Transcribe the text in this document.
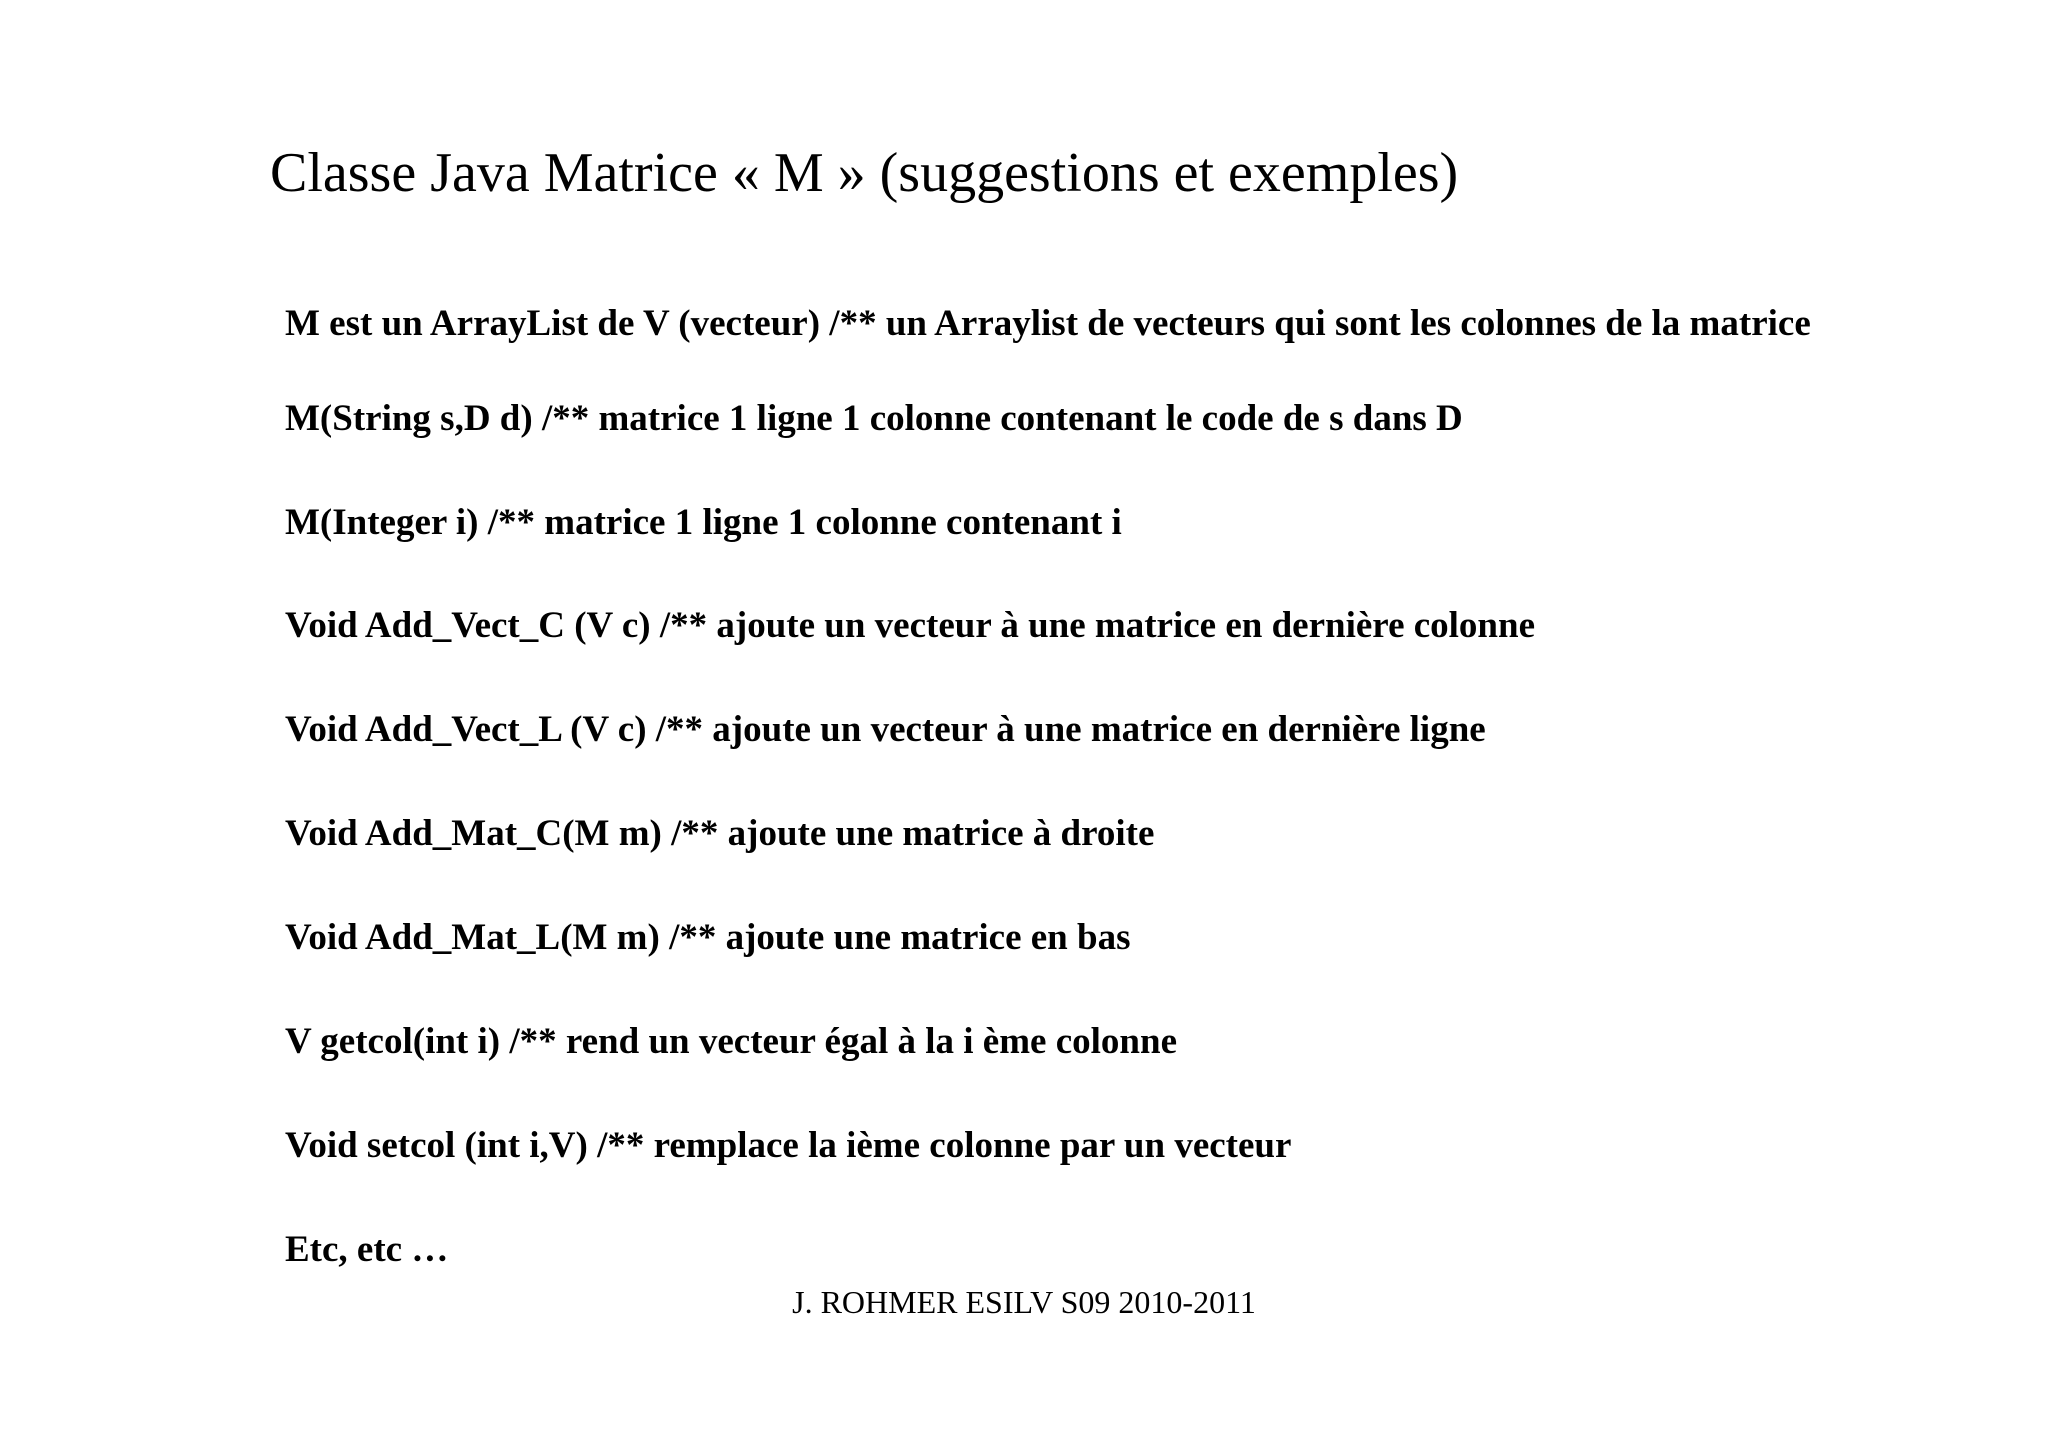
Classe Java Matrice « M » (suggestions et exemples)
M est un ArrayList de V (vecteur) /** un Arraylist de vecteurs qui sont les colonnes de la matrice
M(String s,D d) /** matrice 1 ligne 1 colonne contenant le code de s dans D
M(Integer i) /** matrice 1 ligne 1 colonne contenant i
Void Add_Vect_C (V c) /** ajoute un vecteur à une matrice en dernière colonne
Void Add_Vect_L (V c) /** ajoute un vecteur à une matrice en dernière ligne
Void Add_Mat_C(M m) /** ajoute une matrice à droite
Void Add_Mat_L(M m) /** ajoute une matrice en bas
V getcol(int i) /** rend un vecteur égal à la i ème colonne
Void setcol (int i,V) /** remplace la ième colonne par un vecteur
Etc, etc …
J. ROHMER ESILV S09 2010-2011
